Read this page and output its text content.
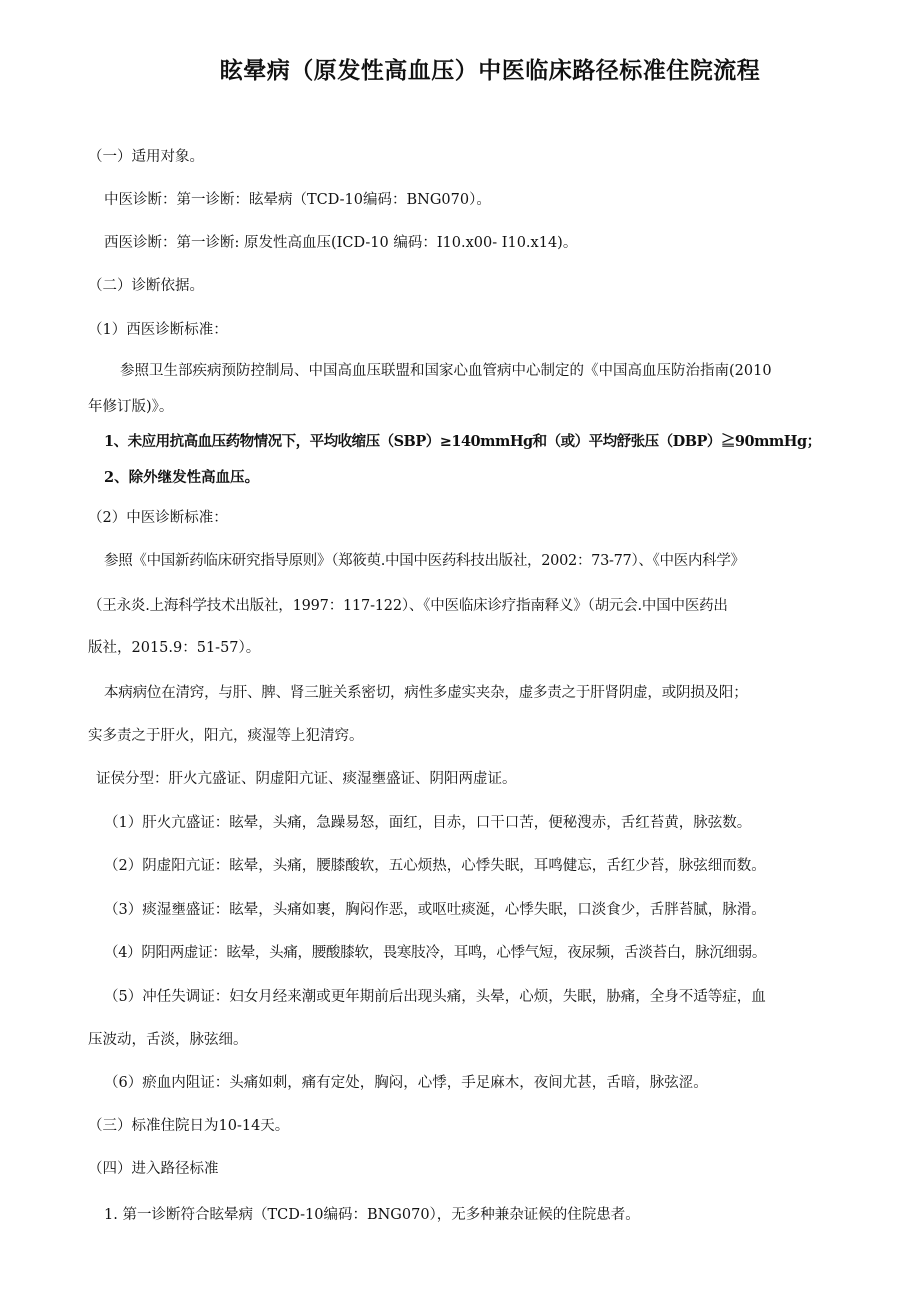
眩晕病（原发性高血压）中医临床路径标准住院流程
（一）适用对象。
中医诊断：第一诊断：眩晕病（TCD-10编码：BNG070）。
西医诊断：第一诊断: 原发性高血压(ICD-10 编码：I10.x00- I10.x14)。
（二）诊断依据。
（1）西医诊断标准：
参照卫生部疾病预防控制局、中国高血压联盟和国家心血管病中心制定的《中国高血压防治指南(2010
年修订版)》。
1、未应用抗高血压药物情况下，平均收缩压（SBP）≥140mmHg和（或）平均舒张压（DBP）≧90mmHg；
2、除外继发性高血压。
（2）中医诊断标准：
参照《中国新药临床研究指导原则》（郑筱萸.中国中医药科技出版社，2002：73-77）、《中医内科学》
（王永炎.上海科学技术出版社，1997：117-122）、《中医临床诊疗指南释义》（胡元会.中国中医药出
版社，2015.9：51-57）。
本病病位在清窍，与肝、脾、肾三脏关系密切，病性多虚实夹杂，虚多责之于肝肾阴虚，或阴损及阳；
实多责之于肝火，阳亢，痰湿等上犯清窍。
证侯分型：肝火亢盛证、阴虚阳亢证、痰湿壅盛证、阴阳两虚证。
（1）肝火亢盛证：眩晕，头痛，急躁易怒，面红，目赤，口干口苦，便秘溲赤，舌红苔黄，脉弦数。
（2）阴虚阳亢证：眩晕，头痛，腰膝酸软，五心烦热，心悸失眠，耳鸣健忘，舌红少苔，脉弦细而数。
（3）痰湿壅盛证：眩晕，头痛如裹，胸闷作恶，或呕吐痰涎，心悸失眠，口淡食少，舌胖苔腻，脉滑。
（4）阴阳两虚证：眩晕，头痛，腰酸膝软，畏寒肢冷，耳鸣，心悸气短，夜尿频，舌淡苔白，脉沉细弱。
（5）冲任失调证：妇女月经来潮或更年期前后出现头痛，头晕，心烦，失眠，胁痛，全身不适等症，血
压波动，舌淡，脉弦细。
（6）瘀血内阻证：头痛如刺，痛有定处，胸闷，心悸，手足麻木，夜间尤甚，舌暗，脉弦涩。
（三）标准住院日为10-14天。
（四）进入路径标准
1. 第一诊断符合眩晕病（TCD-10编码：BNG070），无多种兼杂证候的住院患者。
